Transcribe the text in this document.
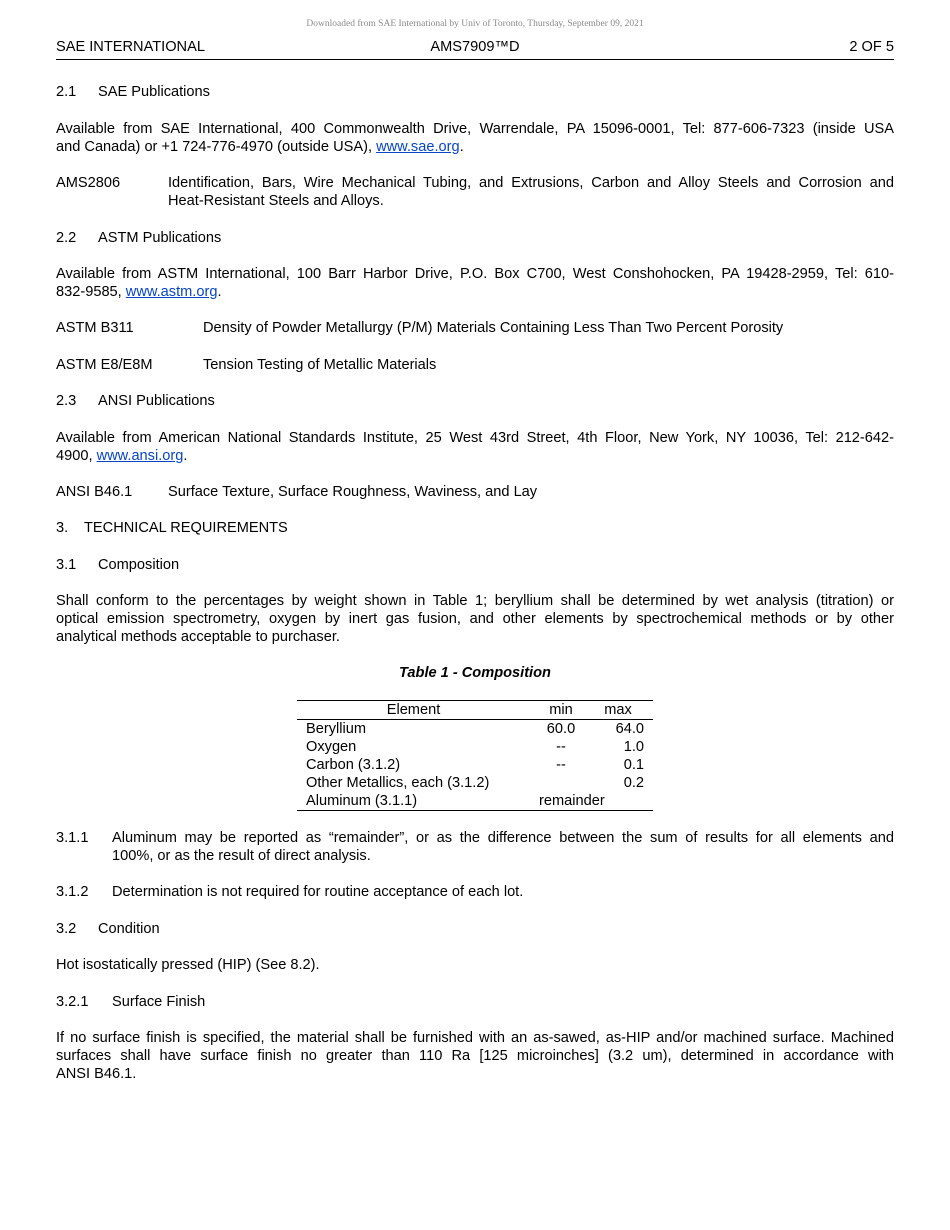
Downloaded from SAE International by Univ of Toronto, Thursday, September 09, 2021
SAE INTERNATIONAL	AMS7909™D	2 OF 5
2.1 SAE Publications
Available from SAE International, 400 Commonwealth Drive, Warrendale, PA 15096-0001, Tel: 877-606-7323 (inside USA
and Canada) or +1 724-776-4970 (outside USA), www.sae.org.
AMS2806	Identification, Bars, Wire Mechanical Tubing, and Extrusions, Carbon and Alloy Steels and Corrosion and
Heat-Resistant Steels and Alloys.
2.2 ASTM Publications
Available from ASTM International, 100 Barr Harbor Drive, P.O. Box C700, West Conshohocken, PA 19428-2959, Tel: 610-
832-9585, www.astm.org.
ASTM B311	Density of Powder Metallurgy (P/M) Materials Containing Less Than Two Percent Porosity
ASTM E8/E8M	Tension Testing of Metallic Materials
2.3 ANSI Publications
Available from American National Standards Institute, 25 West 43rd Street, 4th Floor, New York, NY 10036, Tel: 212-642-
4900, www.ansi.org.
ANSI B46.1 Surface Texture, Surface Roughness, Waviness, and Lay
3. TECHNICAL REQUIREMENTS
3.1 Composition
Shall conform to the percentages by weight shown in Table 1; beryllium shall be determined by wet analysis (titration) or
optical emission spectrometry, oxygen by inert gas fusion, and other elements by spectrochemical methods or by other
analytical methods acceptable to purchaser.
Table 1 - Composition
Element	min	max
Beryllium	60.0	64.0
Oxygen	--	1.0
Carbon (3.1.2)	--	0.1
Other Metallics, each (3.1.2)		0.2
Aluminum (3.1.1)	remainder	
3.1.1 Aluminum may be reported as “remainder”, or as the difference between the sum of results for all elements and
100%, or as the result of direct analysis.
3.1.2 Determination is not required for routine acceptance of each lot.
3.2 Condition
Hot isostatically pressed (HIP) (See 8.2).
3.2.1 Surface Finish
If no surface finish is specified, the material shall be furnished with an as-sawed, as-HIP and/or machined surface. Machined
surfaces shall have surface finish no greater than 110 Ra [125 microinches] (3.2 um), determined in accordance with
ANSI B46.1.
